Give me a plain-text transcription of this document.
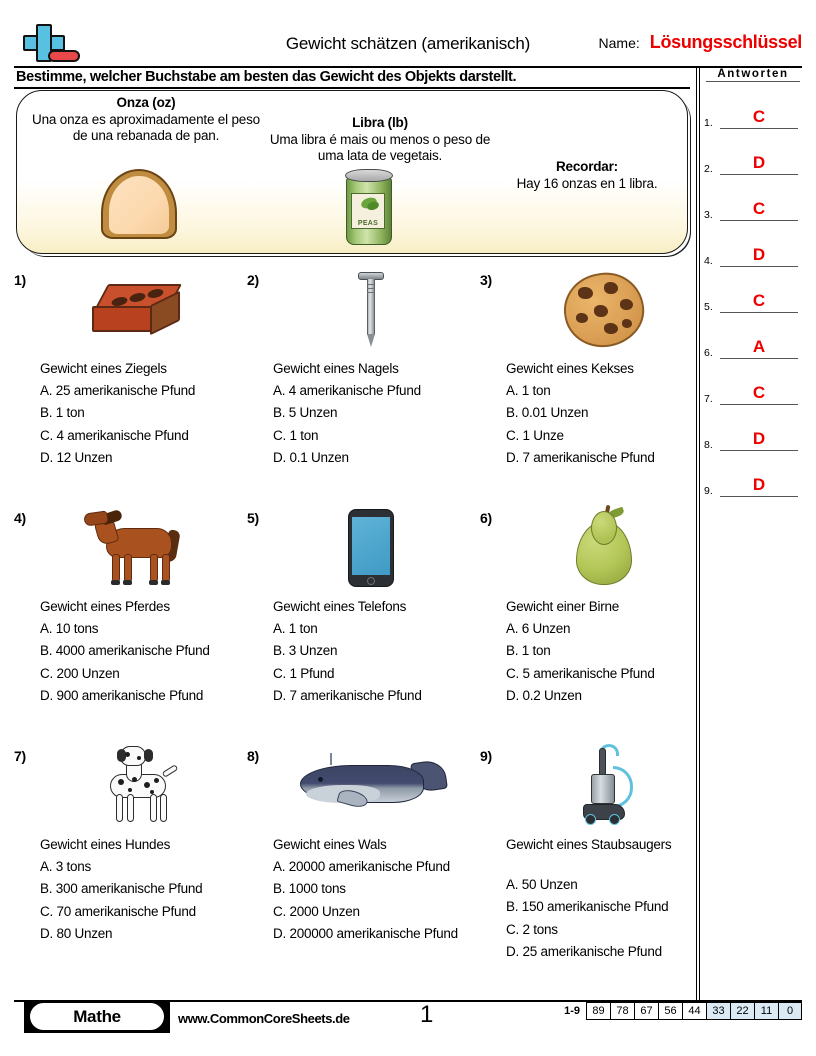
Gewicht schätzen (amerikanisch)	Name: Lösungsschlüssel
Bestimme, welcher Buchstabe am besten das Gewicht des Objekts darstellt.
Onza (oz)
Una onza es aproximadamente el peso de una rebanada de pan.
Libra (lb)
Uma libra é mais ou menos o peso de uma lata de vegetais.
PEAS
Recordar:
Hay 16 onzas en 1 libra.
1)
Gewicht eines Ziegels
A. 25 amerikanische Pfund
B. 1 ton
C. 4 amerikanische Pfund
D. 12 Unzen
2)
Gewicht eines Nagels
A. 4 amerikanische Pfund
B. 5 Unzen
C. 1 ton
D. 0.1 Unzen
3)
Gewicht eines Kekses
A. 1 ton
B. 0.01 Unzen
C. 1 Unze
D. 7 amerikanische Pfund
4)
Gewicht eines Pferdes
A. 10 tons
B. 4000 amerikanische Pfund
C. 200 Unzen
D. 900 amerikanische Pfund
5)
Gewicht eines Telefons
A. 1 ton
B. 3 Unzen
C. 1 Pfund
D. 7 amerikanische Pfund
6)
Gewicht einer Birne
A. 6 Unzen
B. 1 ton
C. 5 amerikanische Pfund
D. 0.2 Unzen
7)
Gewicht eines Hundes
A. 3 tons
B. 300 amerikanische Pfund
C. 70 amerikanische Pfund
D. 80 Unzen
8)
Gewicht eines Wals
A. 20000 amerikanische Pfund
B. 1000 tons
C. 2000 Unzen
D. 200000 amerikanische Pfund
9)
Gewicht eines Staubsaugers
A. 50 Unzen
B. 150 amerikanische Pfund
C. 2 tons
D. 25 amerikanische Pfund
Antworten
1.	C
2.	D
3.	C
4.	D
5.	C
6.	A
7.	C
8.	D
9.	D
Mathe	www.CommonCoreSheets.de	1	1-9	89	78	67	56	44	33	22	11	0
